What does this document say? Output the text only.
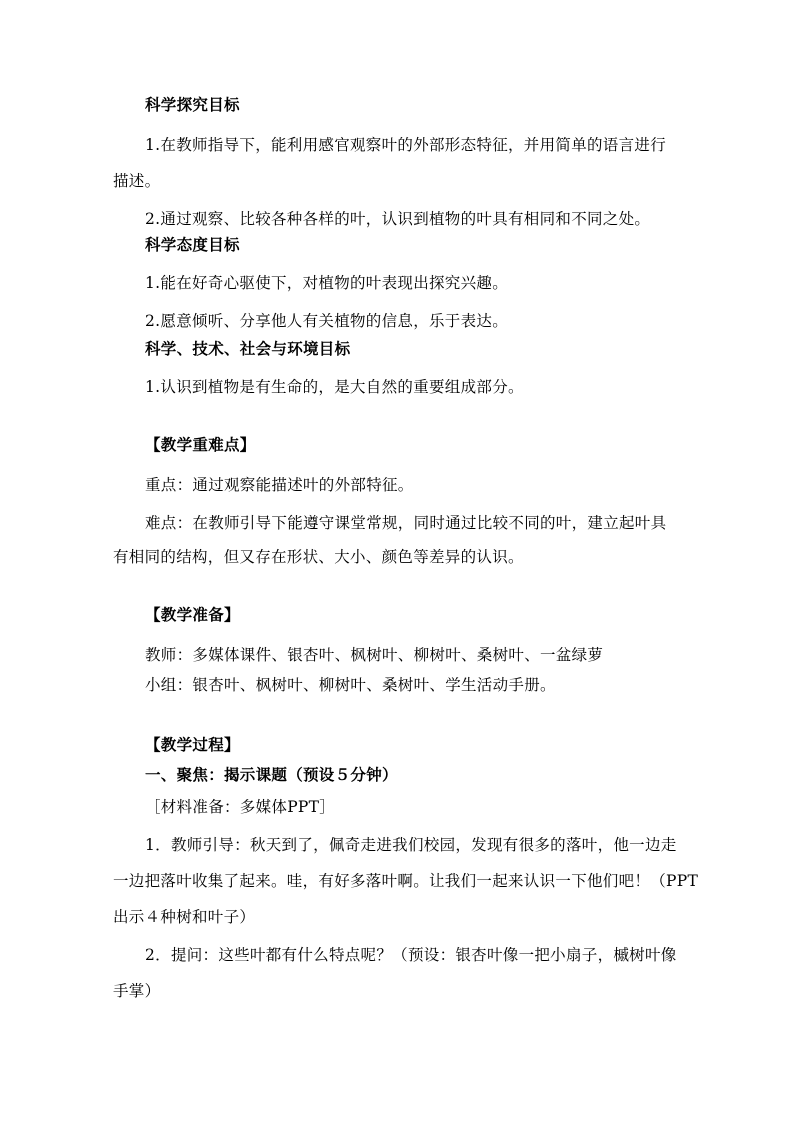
科学探究目标
1.在教师指导下，能利用感官观察叶的外部形态特征，并用简单的语言进行
描述。
2.通过观察、比较各种各样的叶，认识到植物的叶具有相同和不同之处。
科学态度目标
1.能在好奇心驱使下，对植物的叶表现出探究兴趣。
2.愿意倾听、分享他人有关植物的信息，乐于表达。
科学、技术、社会与环境目标
1.认识到植物是有生命的，是大自然的重要组成部分。
【教学重难点】
重点：通过观察能描述叶的外部特征。
难点：在教师引导下能遵守课堂常规，同时通过比较不同的叶，建立起叶具
有相同的结构，但又存在形状、大小、颜色等差异的认识。
【教学准备】
教师：多媒体课件、银杏叶、枫树叶、柳树叶、桑树叶、一盆绿萝
小组：银杏叶、枫树叶、柳树叶、桑树叶、学生活动手册。
【教学过程】
一、聚焦：揭示课题（预设５分钟）
［材料准备：多媒体PPT］
1．教师引导：秋天到了，佩奇走进我们校园，发现有很多的落叶，他一边走
一边把落叶收集了起来。哇，有好多落叶啊。让我们一起来认识一下他们吧！（PPT
出示４种树和叶子）
2．提问：这些叶都有什么特点呢？（预设：银杏叶像一把小扇子，槭树叶像
手掌）
